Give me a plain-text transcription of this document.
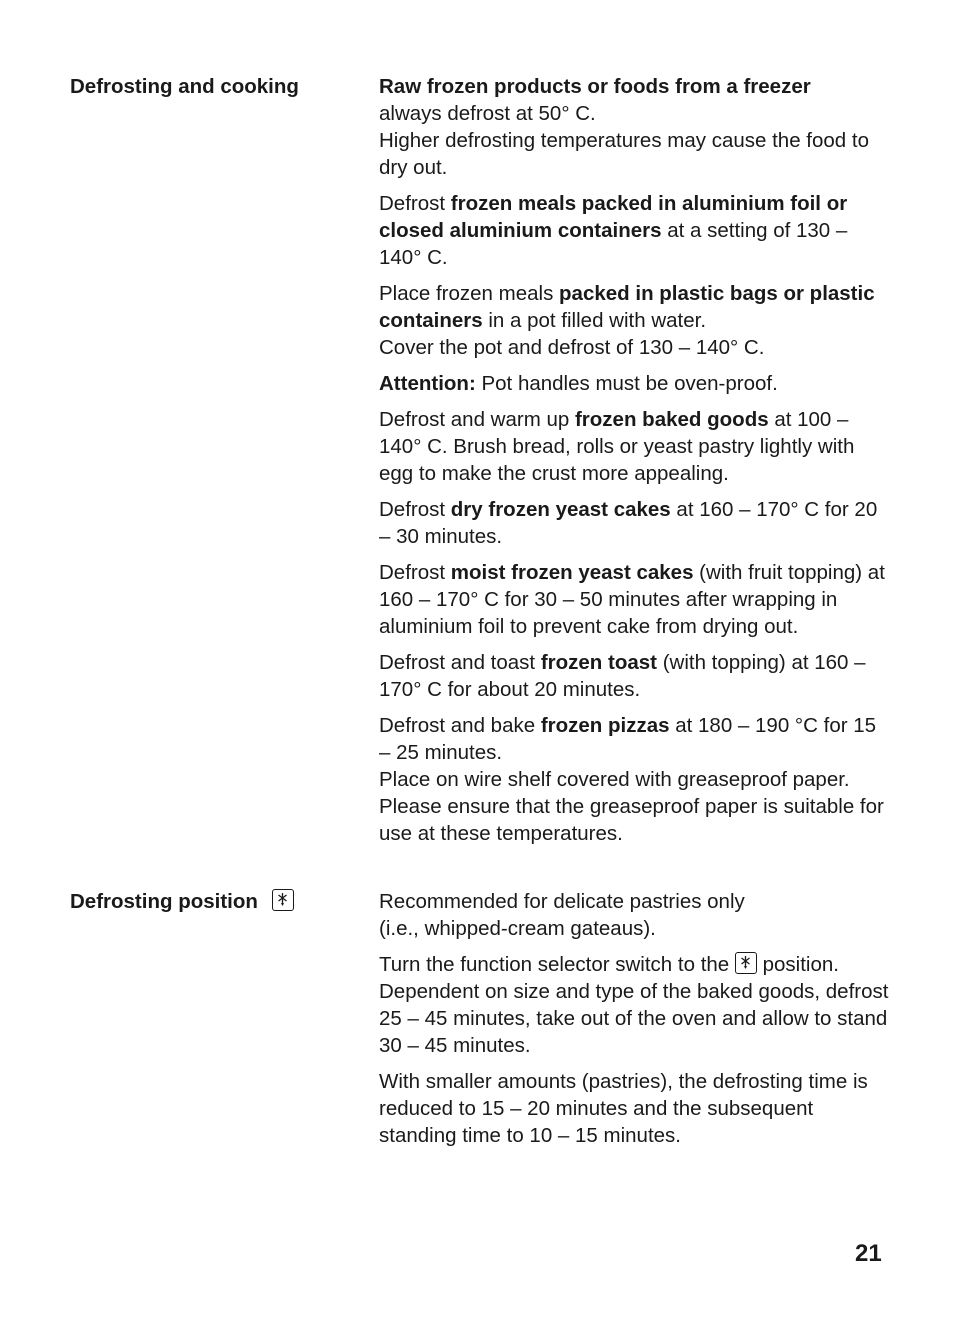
Defrosting and cooking	Raw frozen products or foods from a freezer
always defrost at 50° C.
Higher defrosting temperatures may cause the food to dry out.

Defrost frozen meals packed in aluminium foil or closed aluminium containers at a setting of 130 – 140° C.

Place frozen meals packed in plastic bags or plastic containers in a pot filled with water.
Cover the pot and defrost of 130 – 140° C.

Attention: Pot handles must be oven-proof.

Defrost and warm up frozen baked goods at 100 – 140° C. Brush bread, rolls or yeast pastry lightly with egg to make the crust more appealing.

Defrost dry frozen yeast cakes at 160 – 170° C for 20 – 30 minutes.

Defrost moist frozen yeast cakes (with fruit topping) at 160 – 170° C for 30 – 50 minutes after wrapping in aluminium foil to prevent cake from drying out.

Defrost and toast frozen toast (with topping) at 160 – 170° C for about 20 minutes.

Defrost and bake frozen pizzas at 180 – 190 °C for 15 – 25 minutes.
Place on wire shelf covered with greaseproof paper. Please ensure that the greaseproof paper is suitable for use at these temperatures.

Defrosting position	Recommended for delicate pastries only
(i.e., whipped-cream gateaus).

Turn the function selector switch to the
position.
Dependent on size and type of the baked goods, defrost 25 – 45 minutes, take out of the oven and allow to stand 30 – 45 minutes.

With smaller amounts (pastries), the defrosting time is reduced to 15 – 20 minutes and the subsequent standing time to 10 – 15 minutes.

21
